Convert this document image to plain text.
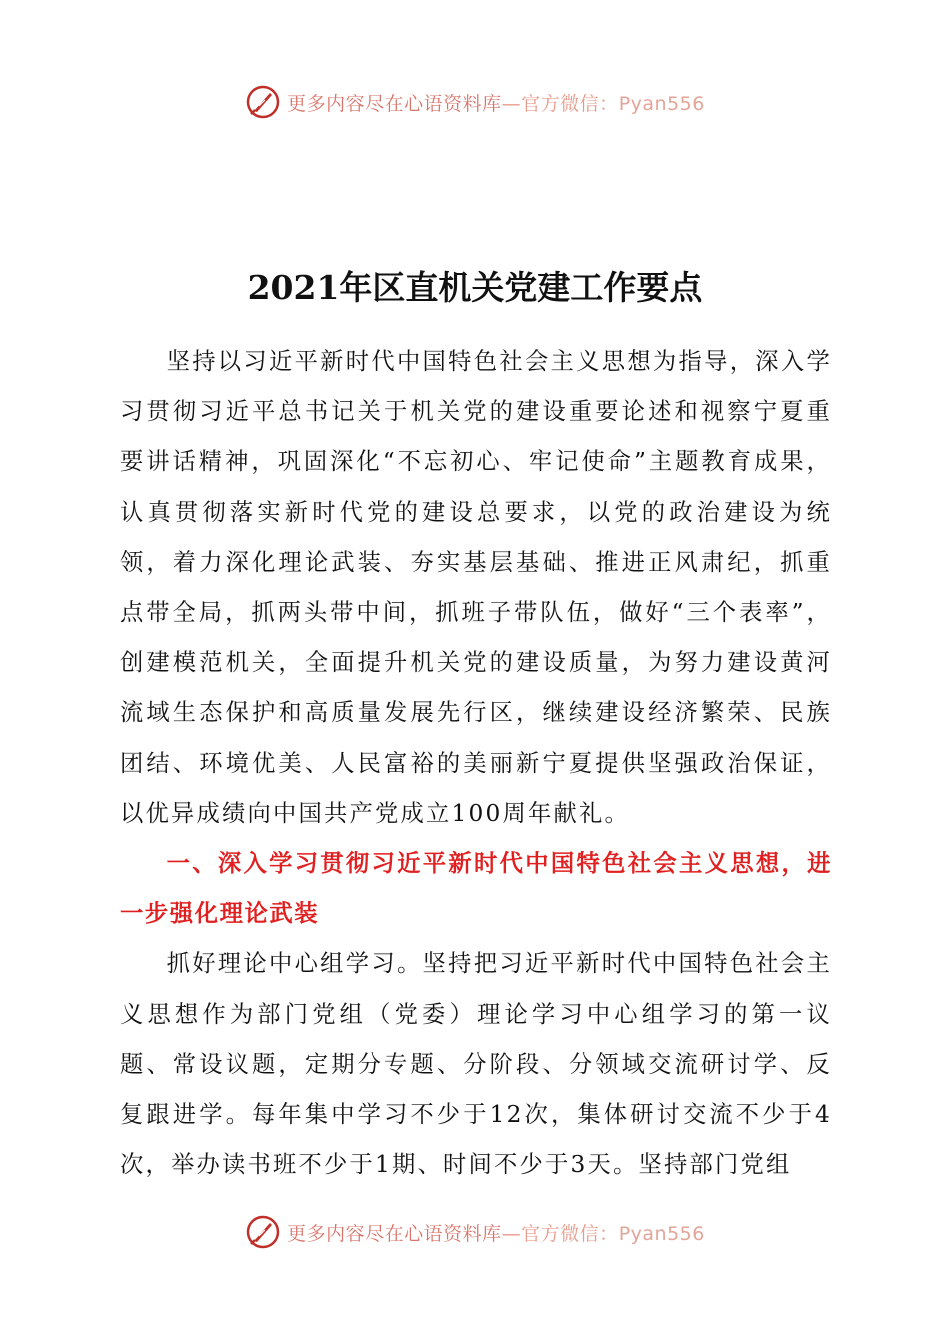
更多内容尽在心语资料库—官方微信：Pyan556
2021年区直机关党建工作要点

坚持以习近平新时代中国特色社会主义思想为指导，深入学习贯彻习近平总书记关于机关党的建设重要论述和视察宁夏重要讲话精神，巩固深化“不忘初心、牢记使命”主题教育成果，认真贯彻落实新时代党的建设总要求，以党的政治建设为统领，着力深化理论武装、夯实基层基础、推进正风肃纪，抓重点带全局，抓两头带中间，抓班子带队伍，做好“三个表率”，创建模范机关，全面提升机关党的建设质量，为努力建设黄河流域生态保护和高质量发展先行区，继续建设经济繁荣、民族团结、环境优美、人民富裕的美丽新宁夏提供坚强政治保证，以优异成绩向中国共产党成立100周年献礼。

一、深入学习贯彻习近平新时代中国特色社会主义思想，进一步强化理论武装

抓好理论中心组学习。坚持把习近平新时代中国特色社会主义思想作为部门党组（党委）理论学习中心组学习的第一议题、常设议题，定期分专题、分阶段、分领域交流研讨学、反复跟进学。每年集中学习不少于12次，集体研讨交流不少于4次，举办读书班不少于1期、时间不少于3天。坚持部门党组

更多内容尽在心语资料库—官方微信：Pyan556
